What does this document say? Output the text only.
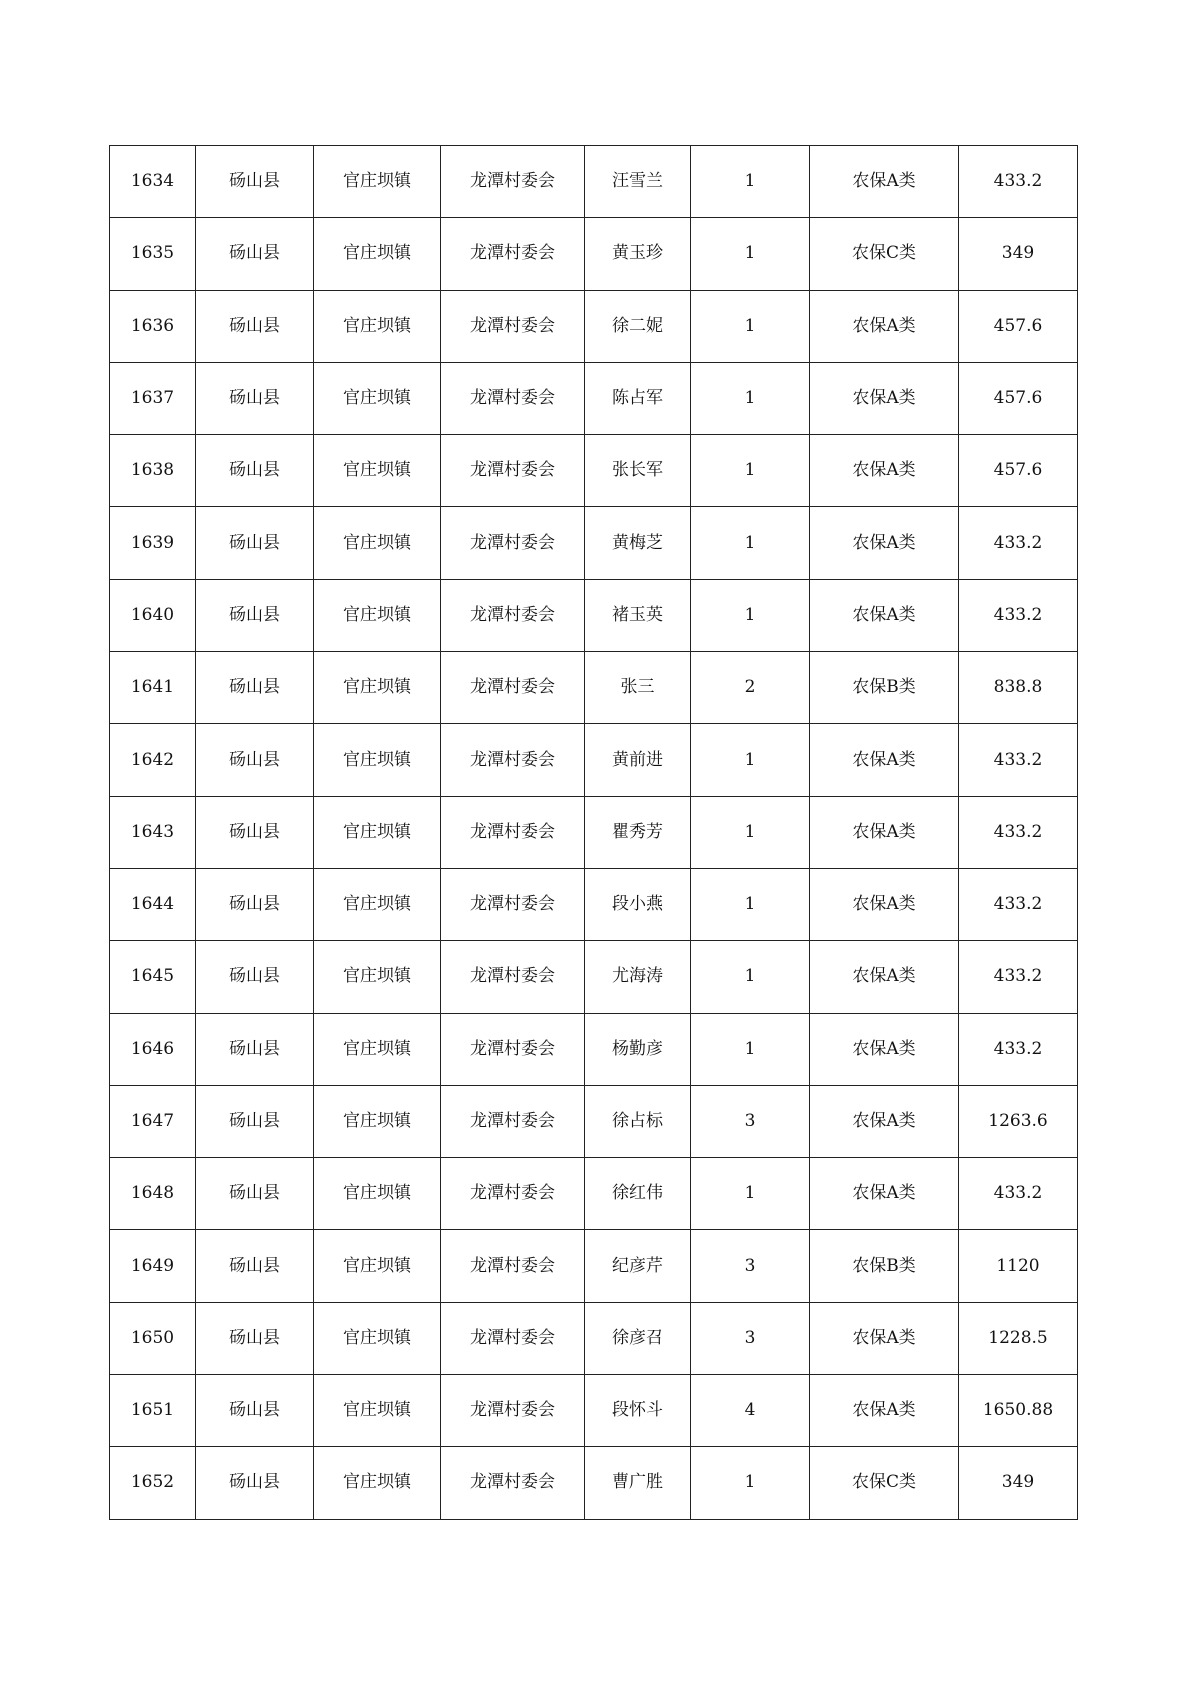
1634	砀山县	官庄坝镇	龙潭村委会	汪雪兰	1	农保A类	433.2
1635	砀山县	官庄坝镇	龙潭村委会	黄玉珍	1	农保C类	349
1636	砀山县	官庄坝镇	龙潭村委会	徐二妮	1	农保A类	457.6
1637	砀山县	官庄坝镇	龙潭村委会	陈占军	1	农保A类	457.6
1638	砀山县	官庄坝镇	龙潭村委会	张长军	1	农保A类	457.6
1639	砀山县	官庄坝镇	龙潭村委会	黄梅芝	1	农保A类	433.2
1640	砀山县	官庄坝镇	龙潭村委会	褚玉英	1	农保A类	433.2
1641	砀山县	官庄坝镇	龙潭村委会	张三	2	农保B类	838.8
1642	砀山县	官庄坝镇	龙潭村委会	黄前进	1	农保A类	433.2
1643	砀山县	官庄坝镇	龙潭村委会	瞿秀芳	1	农保A类	433.2
1644	砀山县	官庄坝镇	龙潭村委会	段小燕	1	农保A类	433.2
1645	砀山县	官庄坝镇	龙潭村委会	尤海涛	1	农保A类	433.2
1646	砀山县	官庄坝镇	龙潭村委会	杨勤彦	1	农保A类	433.2
1647	砀山县	官庄坝镇	龙潭村委会	徐占标	3	农保A类	1263.6
1648	砀山县	官庄坝镇	龙潭村委会	徐红伟	1	农保A类	433.2
1649	砀山县	官庄坝镇	龙潭村委会	纪彦芹	3	农保B类	1120
1650	砀山县	官庄坝镇	龙潭村委会	徐彦召	3	农保A类	1228.5
1651	砀山县	官庄坝镇	龙潭村委会	段怀斗	4	农保A类	1650.88
1652	砀山县	官庄坝镇	龙潭村委会	曹广胜	1	农保C类	349
